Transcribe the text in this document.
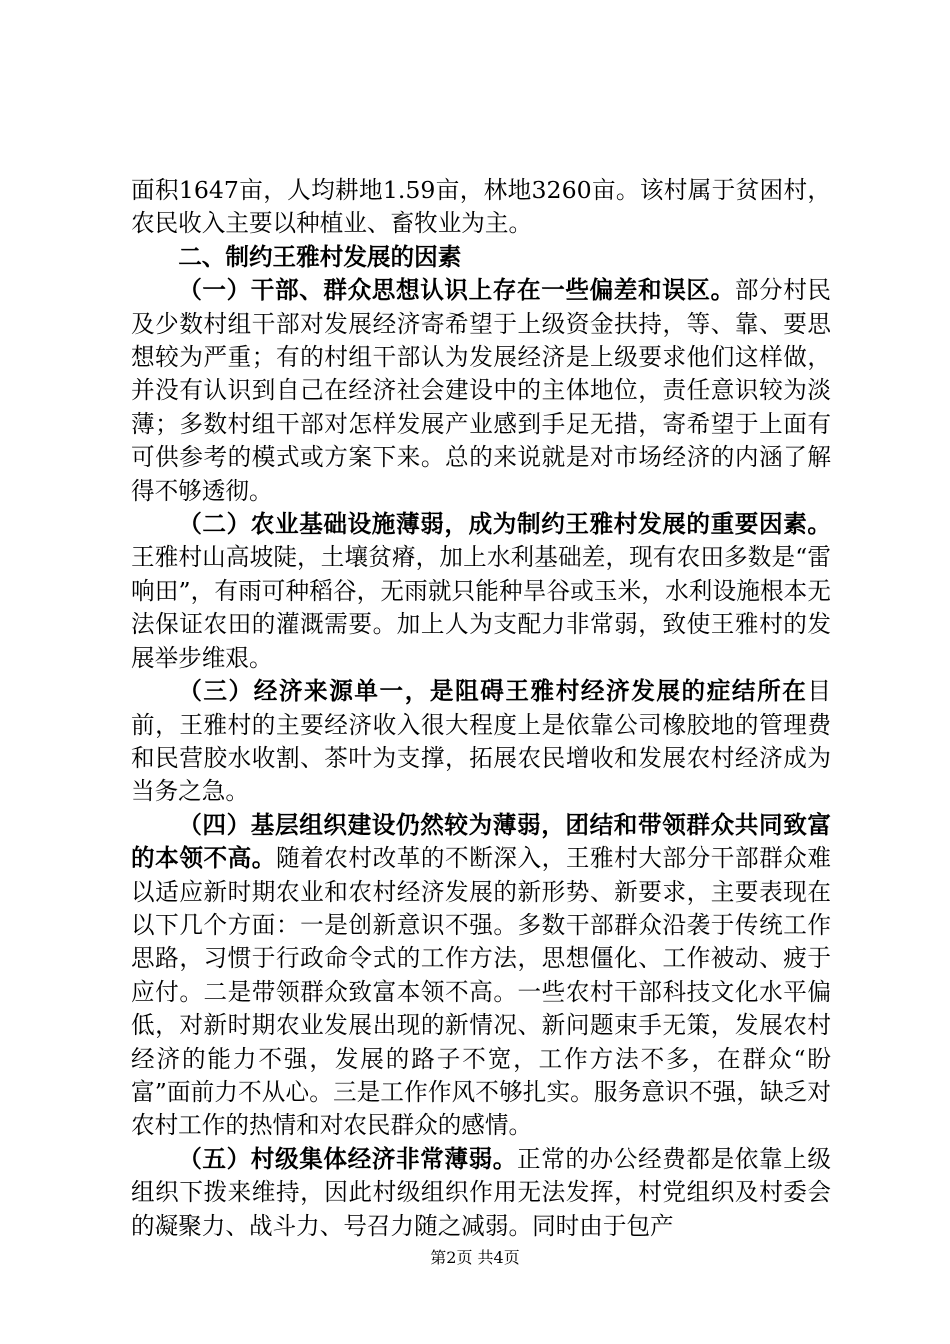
面积1647亩，人均耕地1.59亩，林地3260亩。该村属于贫困村，农民收入主要以种植业、畜牧业为主。

二、制约王雅村发展的因素

（一）干部、群众思想认识上存在一些偏差和误区。部分村民及少数村组干部对发展经济寄希望于上级资金扶持，等、靠、要思想较为严重；有的村组干部认为发展经济是上级要求他们这样做，并没有认识到自己在经济社会建设中的主体地位，责任意识较为淡薄；多数村组干部对怎样发展产业感到手足无措，寄希望于上面有可供参考的模式或方案下来。总的来说就是对市场经济的内涵了解得不够透彻。

（二）农业基础设施薄弱，成为制约王雅村发展的重要因素。王雅村山高坡陡，土壤贫瘠，加上水利基础差，现有农田多数是“雷响田”，有雨可种稻谷，无雨就只能种旱谷或玉米，水利设施根本无法保证农田的灌溉需要。加上人为支配力非常弱，致使王雅村的发展举步维艰。

（三）经济来源单一，是阻碍王雅村经济发展的症结所在目前，王雅村的主要经济收入很大程度上是依靠公司橡胶地的管理费和民营胶水收割、茶叶为支撑，拓展农民增收和发展农村经济成为当务之急。

（四）基层组织建设仍然较为薄弱，团结和带领群众共同致富的本领不高。随着农村改革的不断深入，王雅村大部分干部群众难以适应新时期农业和农村经济发展的新形势、新要求，主要表现在以下几个方面：一是创新意识不强。多数干部群众沿袭于传统工作思路，习惯于行政命令式的工作方法，思想僵化、工作被动、疲于应付。二是带领群众致富本领不高。一些农村干部科技文化水平偏低，对新时期农业发展出现的新情况、新问题束手无策，发展农村经济的能力不强，发展的路子不宽，工作方法不多，在群众“盼富”面前力不从心。三是工作作风不够扎实。服务意识不强，缺乏对农村工作的热情和对农民群众的感情。

（五）村级集体经济非常薄弱。正常的办公经费都是依靠上级组织下拨来维持，因此村级组织作用无法发挥，村党组织及村委会的凝聚力、战斗力、号召力随之减弱。同时由于包产

第2页 共4页
